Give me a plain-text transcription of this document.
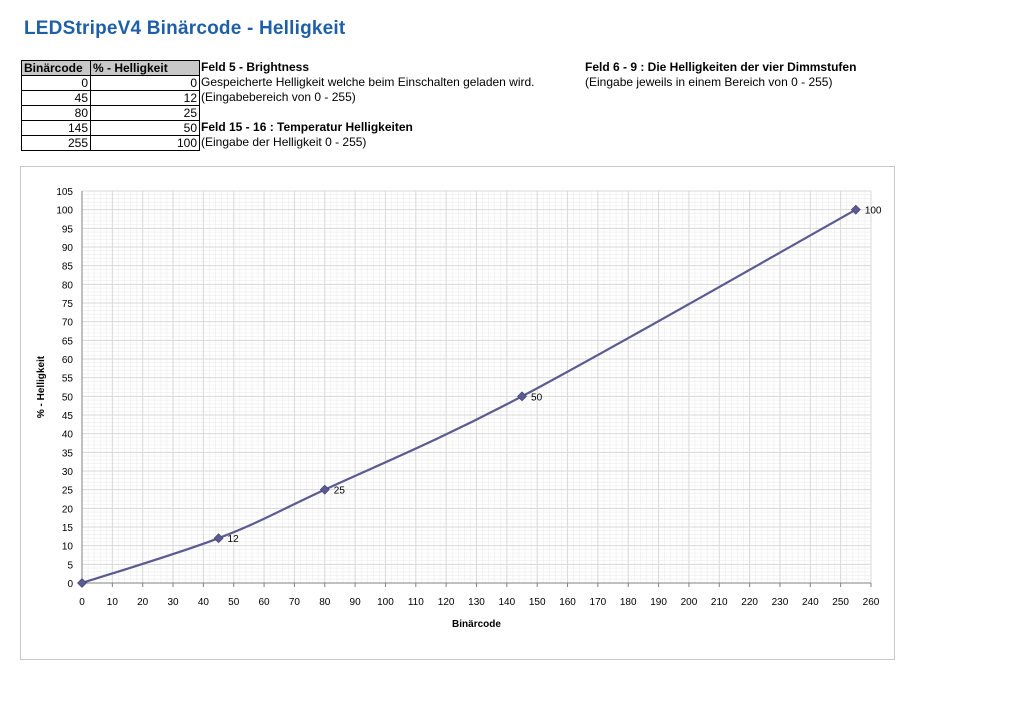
LEDStripeV4 Binärcode - Helligkeit
Binärcode	% - Helligkeit
0	0
45	12
80	25
145	50
255	100
Feld 5 - Brightness
Gespeicherte Helligkeit welche beim Einschalten geladen wird.
(Eingabebereich von 0 - 255)
Feld 15 - 16 : Temperatur Helligkeiten
(Eingabe der Helligkeit 0 - 255)
Feld 6 - 9 : Die Helligkeiten der vier Dimmstufen
(Eingabe jeweils in einem Bereich von 0 - 255)
0 10 20 30 40 50 60 70 80 90 100 110 120 130 140 150 160 170 180 190 200 210 220 230 240 250 260
0
5
10
15
20
25
30
35
40
45
50
55
60
65
70
75
80
85
90
95
100
105
Binärcode
% - Helligkeit
12
25
50
100
